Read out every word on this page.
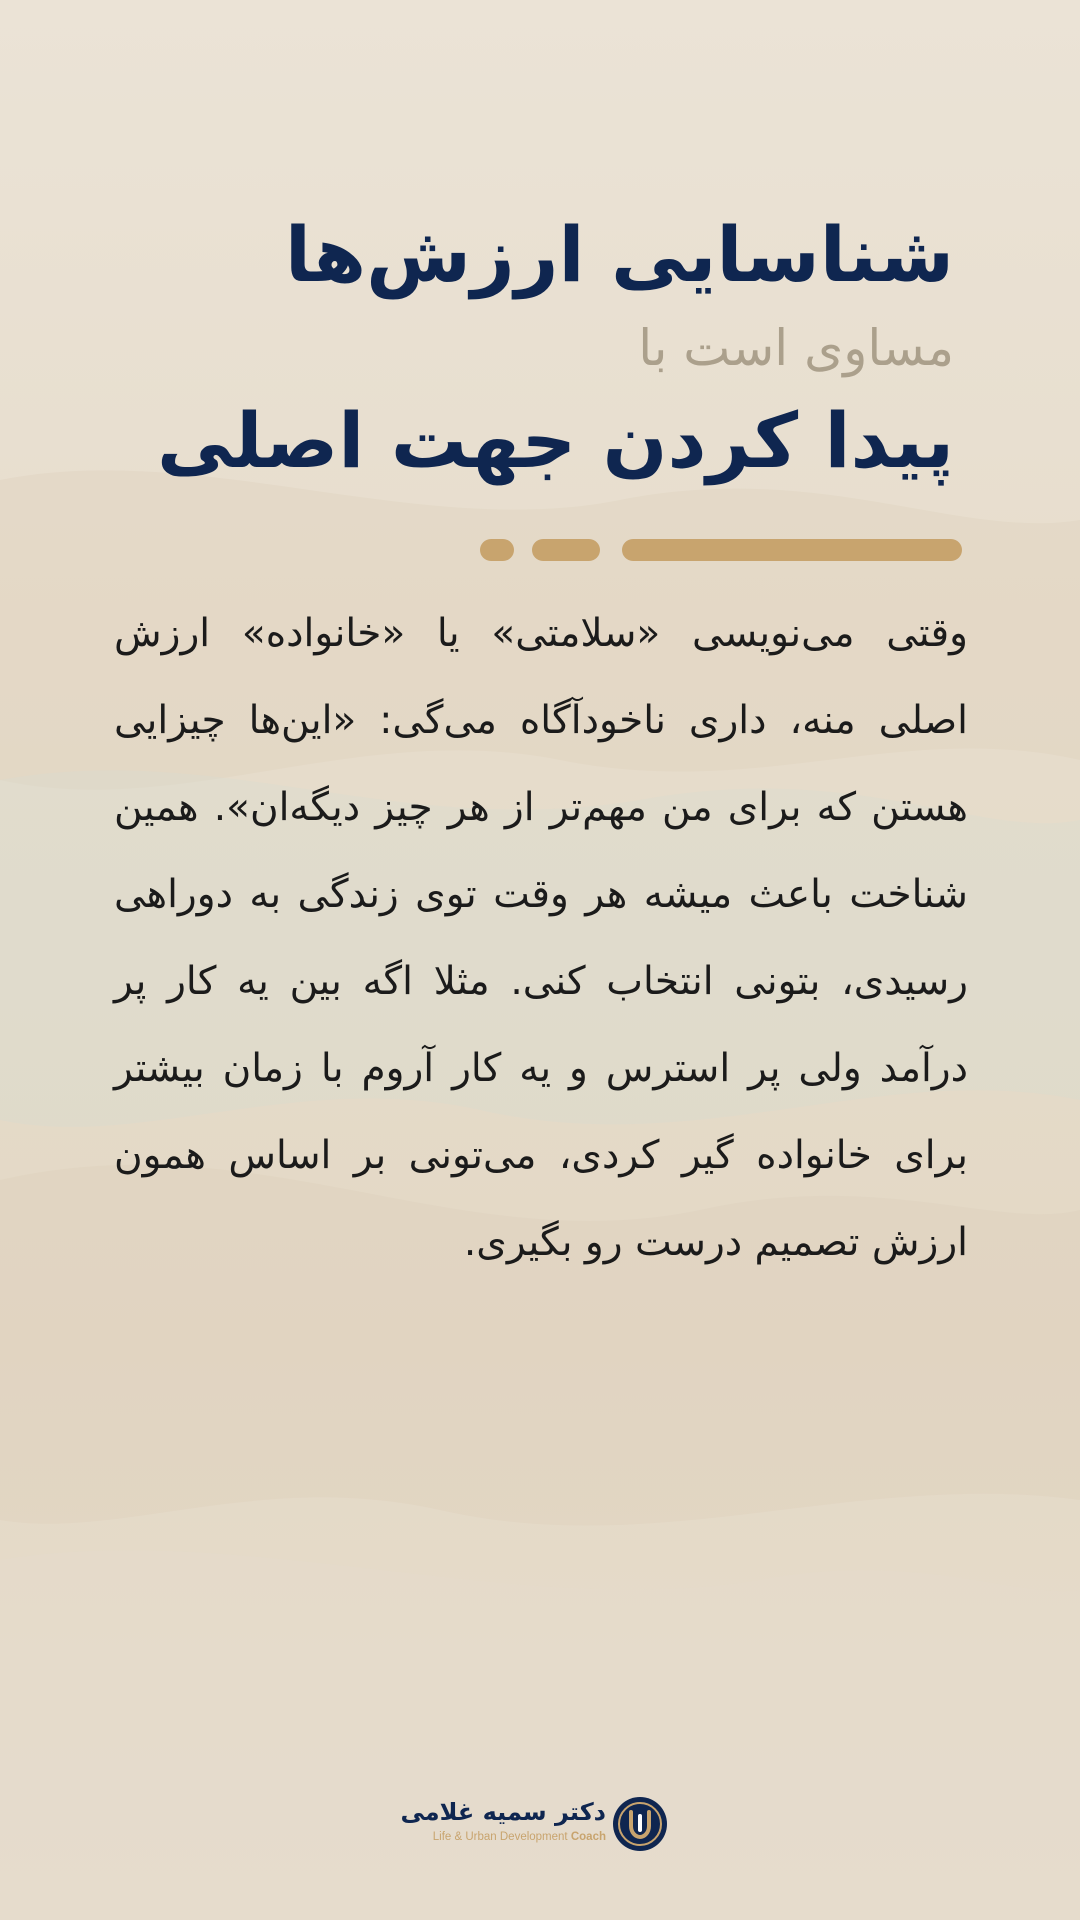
شناسایی ارزش‌ها
مساوی است با
پیدا کردن جهت اصلی

وقتی می‌نویسی «سلامتی» یا «خانواده» ارزش اصلی منه، داری ناخودآگاه می‌گی: «این‌ها چیزایی هستن که برای من مهم‌تر از هر چیز دیگه‌ان». همین شناخت باعث میشه هر وقت توی زندگی به دوراهی رسیدی، بتونی انتخاب کنی. مثلا اگه بین یه کار پر درآمد ولی پر استرس و یه کار آروم با زمان بیشتر برای خانواده گیر کردی، می‌تونی بر اساس همون ارزش تصمیم درست رو بگیری.

دکتر سمیه غلامی
Life & Urban Development Coach
